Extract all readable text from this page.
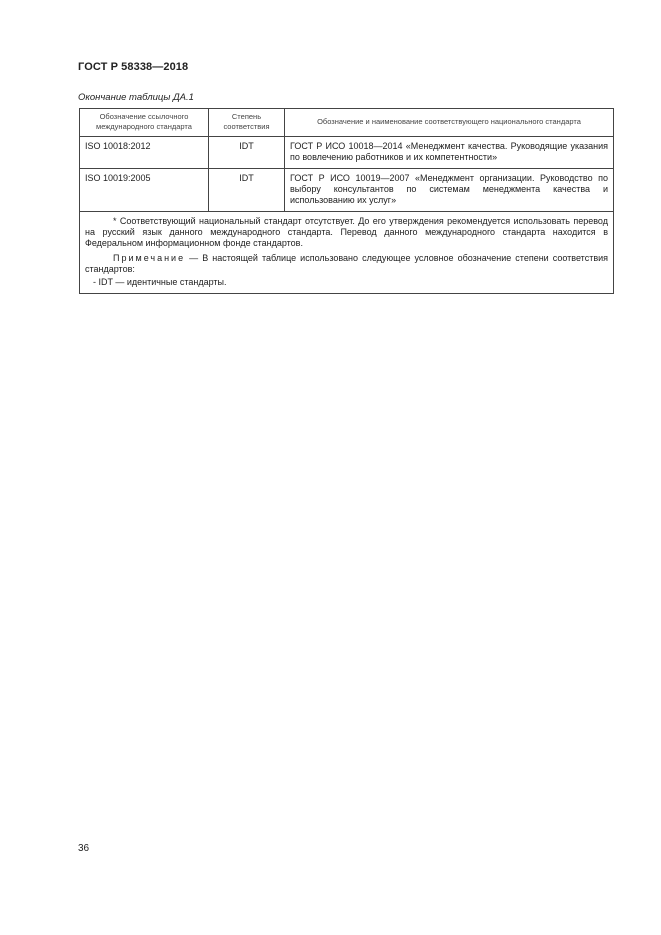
ГОСТ Р 58338—2018
Окончание таблицы ДА.1
Обозначение ссылочного международного стандарта	Степень соответствия	Обозначение и наименование соответствующего национального стандарта
ISO 10018:2012	IDT	ГОСТ Р ИСО 10018—2014 «Менеджмент качества. Руководящие указания по вовлечению работников и их компетентности»
ISO 10019:2005	IDT	ГОСТ Р ИСО 10019—2007 «Менеджмент организации. Руководство по выбору консультантов по системам менеджмента качества и использованию их услуг»

* Соответствующий национальный стандарт отсутствует. До его утверждения рекомендуется использовать перевод на русский язык данного международного стандарта. Перевод данного международного стандарта находится в Федеральном информационном фонде стандартов.

Примечание — В настоящей таблице использовано следующее условное обозначение степени соответствия стандартов:

- IDT — идентичные стандарты.		

36
